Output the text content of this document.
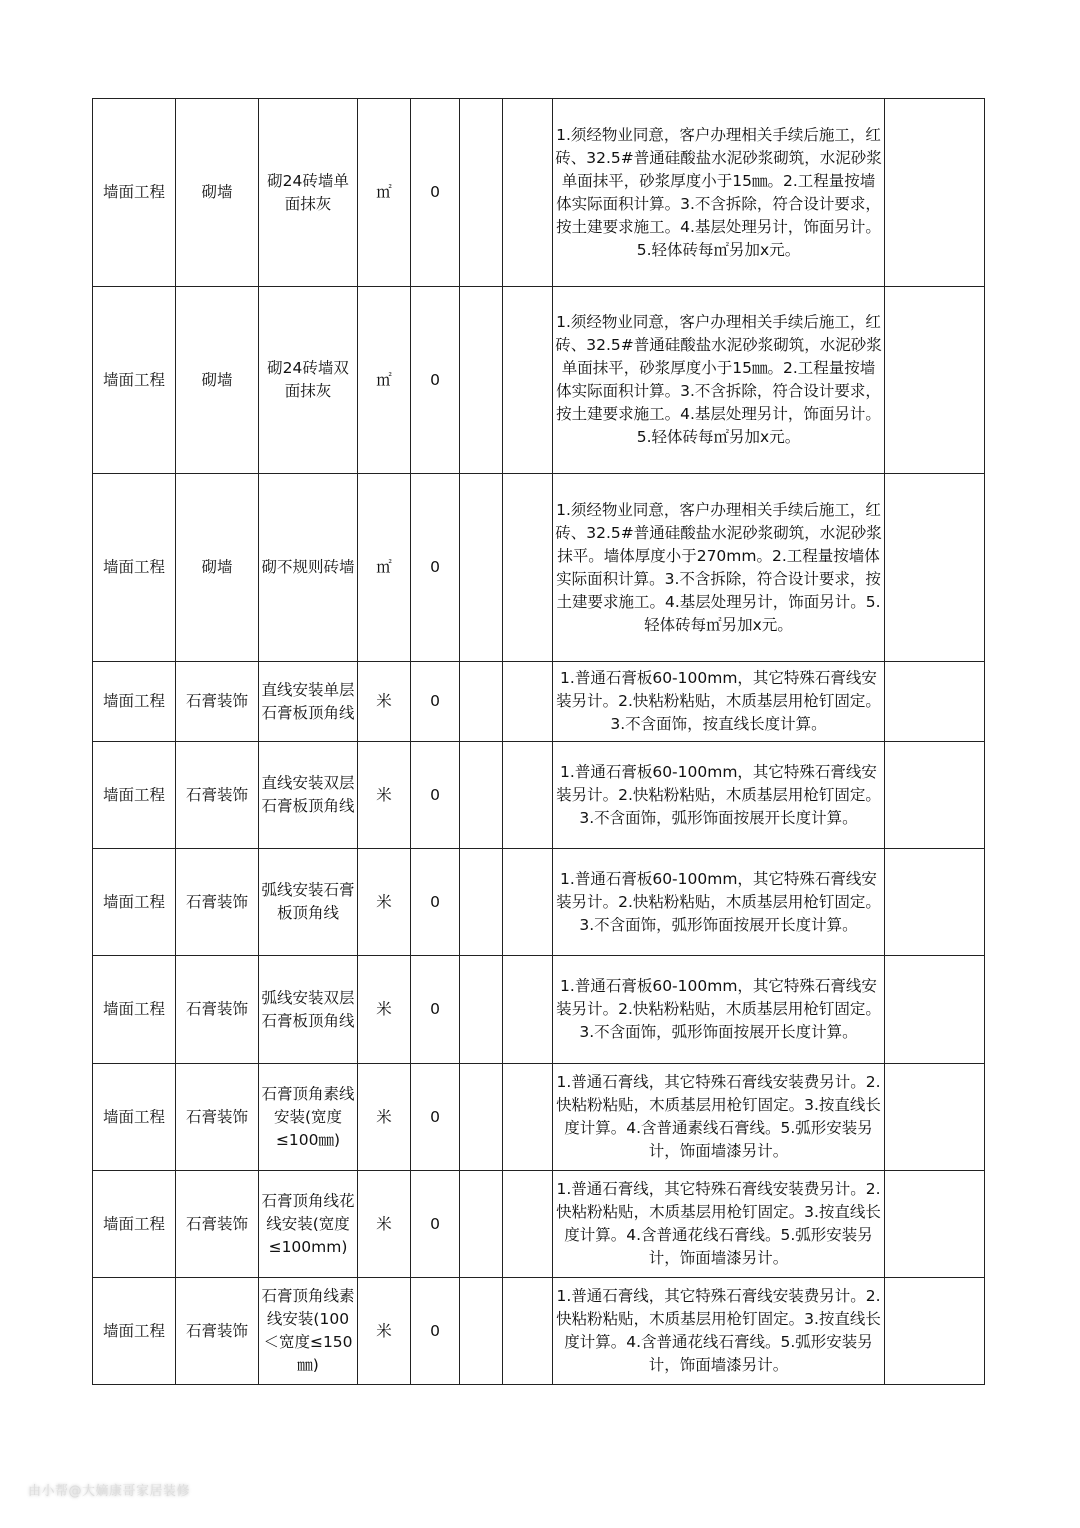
墙面工程	砌墙	砌24砖墙单面抹灰	㎡	0			1.须经物业同意，客户办理相关手续后施工，红砖、32.5#普通硅酸盐水泥砂浆砌筑，水泥砂浆单面抹平，砂浆厚度小于15㎜。2.工程量按墙体实际面积计算。3.不含拆除，符合设计要求，按土建要求施工。4.基层处理另计，饰面另计。5.轻体砖每㎡另加x元。	
墙面工程	砌墙	砌24砖墙双面抹灰	㎡	0			1.须经物业同意，客户办理相关手续后施工，红砖、32.5#普通硅酸盐水泥砂浆砌筑，水泥砂浆单面抹平，砂浆厚度小于15㎜。2.工程量按墙体实际面积计算。3.不含拆除，符合设计要求，按土建要求施工。4.基层处理另计，饰面另计。5.轻体砖每㎡另加x元。	
墙面工程	砌墙	砌不规则砖墙	㎡	0			1.须经物业同意，客户办理相关手续后施工，红砖、32.5#普通硅酸盐水泥砂浆砌筑，水泥砂浆抹平。墙体厚度小于270mm。2.工程量按墙体实际面积计算。3.不含拆除，符合设计要求，按土建要求施工。4.基层处理另计，饰面另计。5.轻体砖每㎡另加x元。	
墙面工程	石膏装饰	直线安装单层石膏板顶角线	米	0			1.普通石膏板60-100mm，其它特殊石膏线安装另计。2.快粘粉粘贴，木质基层用枪钉固定。3.不含面饰，按直线长度计算。	
墙面工程	石膏装饰	直线安装双层石膏板顶角线	米	0			1.普通石膏板60-100mm，其它特殊石膏线安装另计。2.快粘粉粘贴，木质基层用枪钉固定。3.不含面饰，弧形饰面按展开长度计算。	
墙面工程	石膏装饰	弧线安装石膏板顶角线	米	0			1.普通石膏板60-100mm，其它特殊石膏线安装另计。2.快粘粉粘贴，木质基层用枪钉固定。3.不含面饰，弧形饰面按展开长度计算。	
墙面工程	石膏装饰	弧线安装双层石膏板顶角线	米	0			1.普通石膏板60-100mm，其它特殊石膏线安装另计。2.快粘粉粘贴，木质基层用枪钉固定。3.不含面饰，弧形饰面按展开长度计算。	
墙面工程	石膏装饰	石膏顶角素线安装(宽度≤100㎜)	米	0			1.普通石膏线，其它特殊石膏线安装费另计。2.快粘粉粘贴，木质基层用枪钉固定。3.按直线长度计算。4.含普通素线石膏线。5.弧形安装另计，饰面墙漆另计。	
墙面工程	石膏装饰	石膏顶角线花线安装(宽度≤100mm)	米	0			1.普通石膏线，其它特殊石膏线安装费另计。2.快粘粉粘贴，木质基层用枪钉固定。3.按直线长度计算。4.含普通花线石膏线。5.弧形安装另计，饰面墙漆另计。	
墙面工程	石膏装饰	石膏顶角线素线安装(100＜宽度≤150㎜)	米	0			1.普通石膏线，其它特殊石膏线安装费另计。2.快粘粉粘贴，木质基层用枪钉固定。3.按直线长度计算。4.含普通花线石膏线。5.弧形安装另计，饰面墙漆另计。	
由小帮@大嫡康哥家居装修
